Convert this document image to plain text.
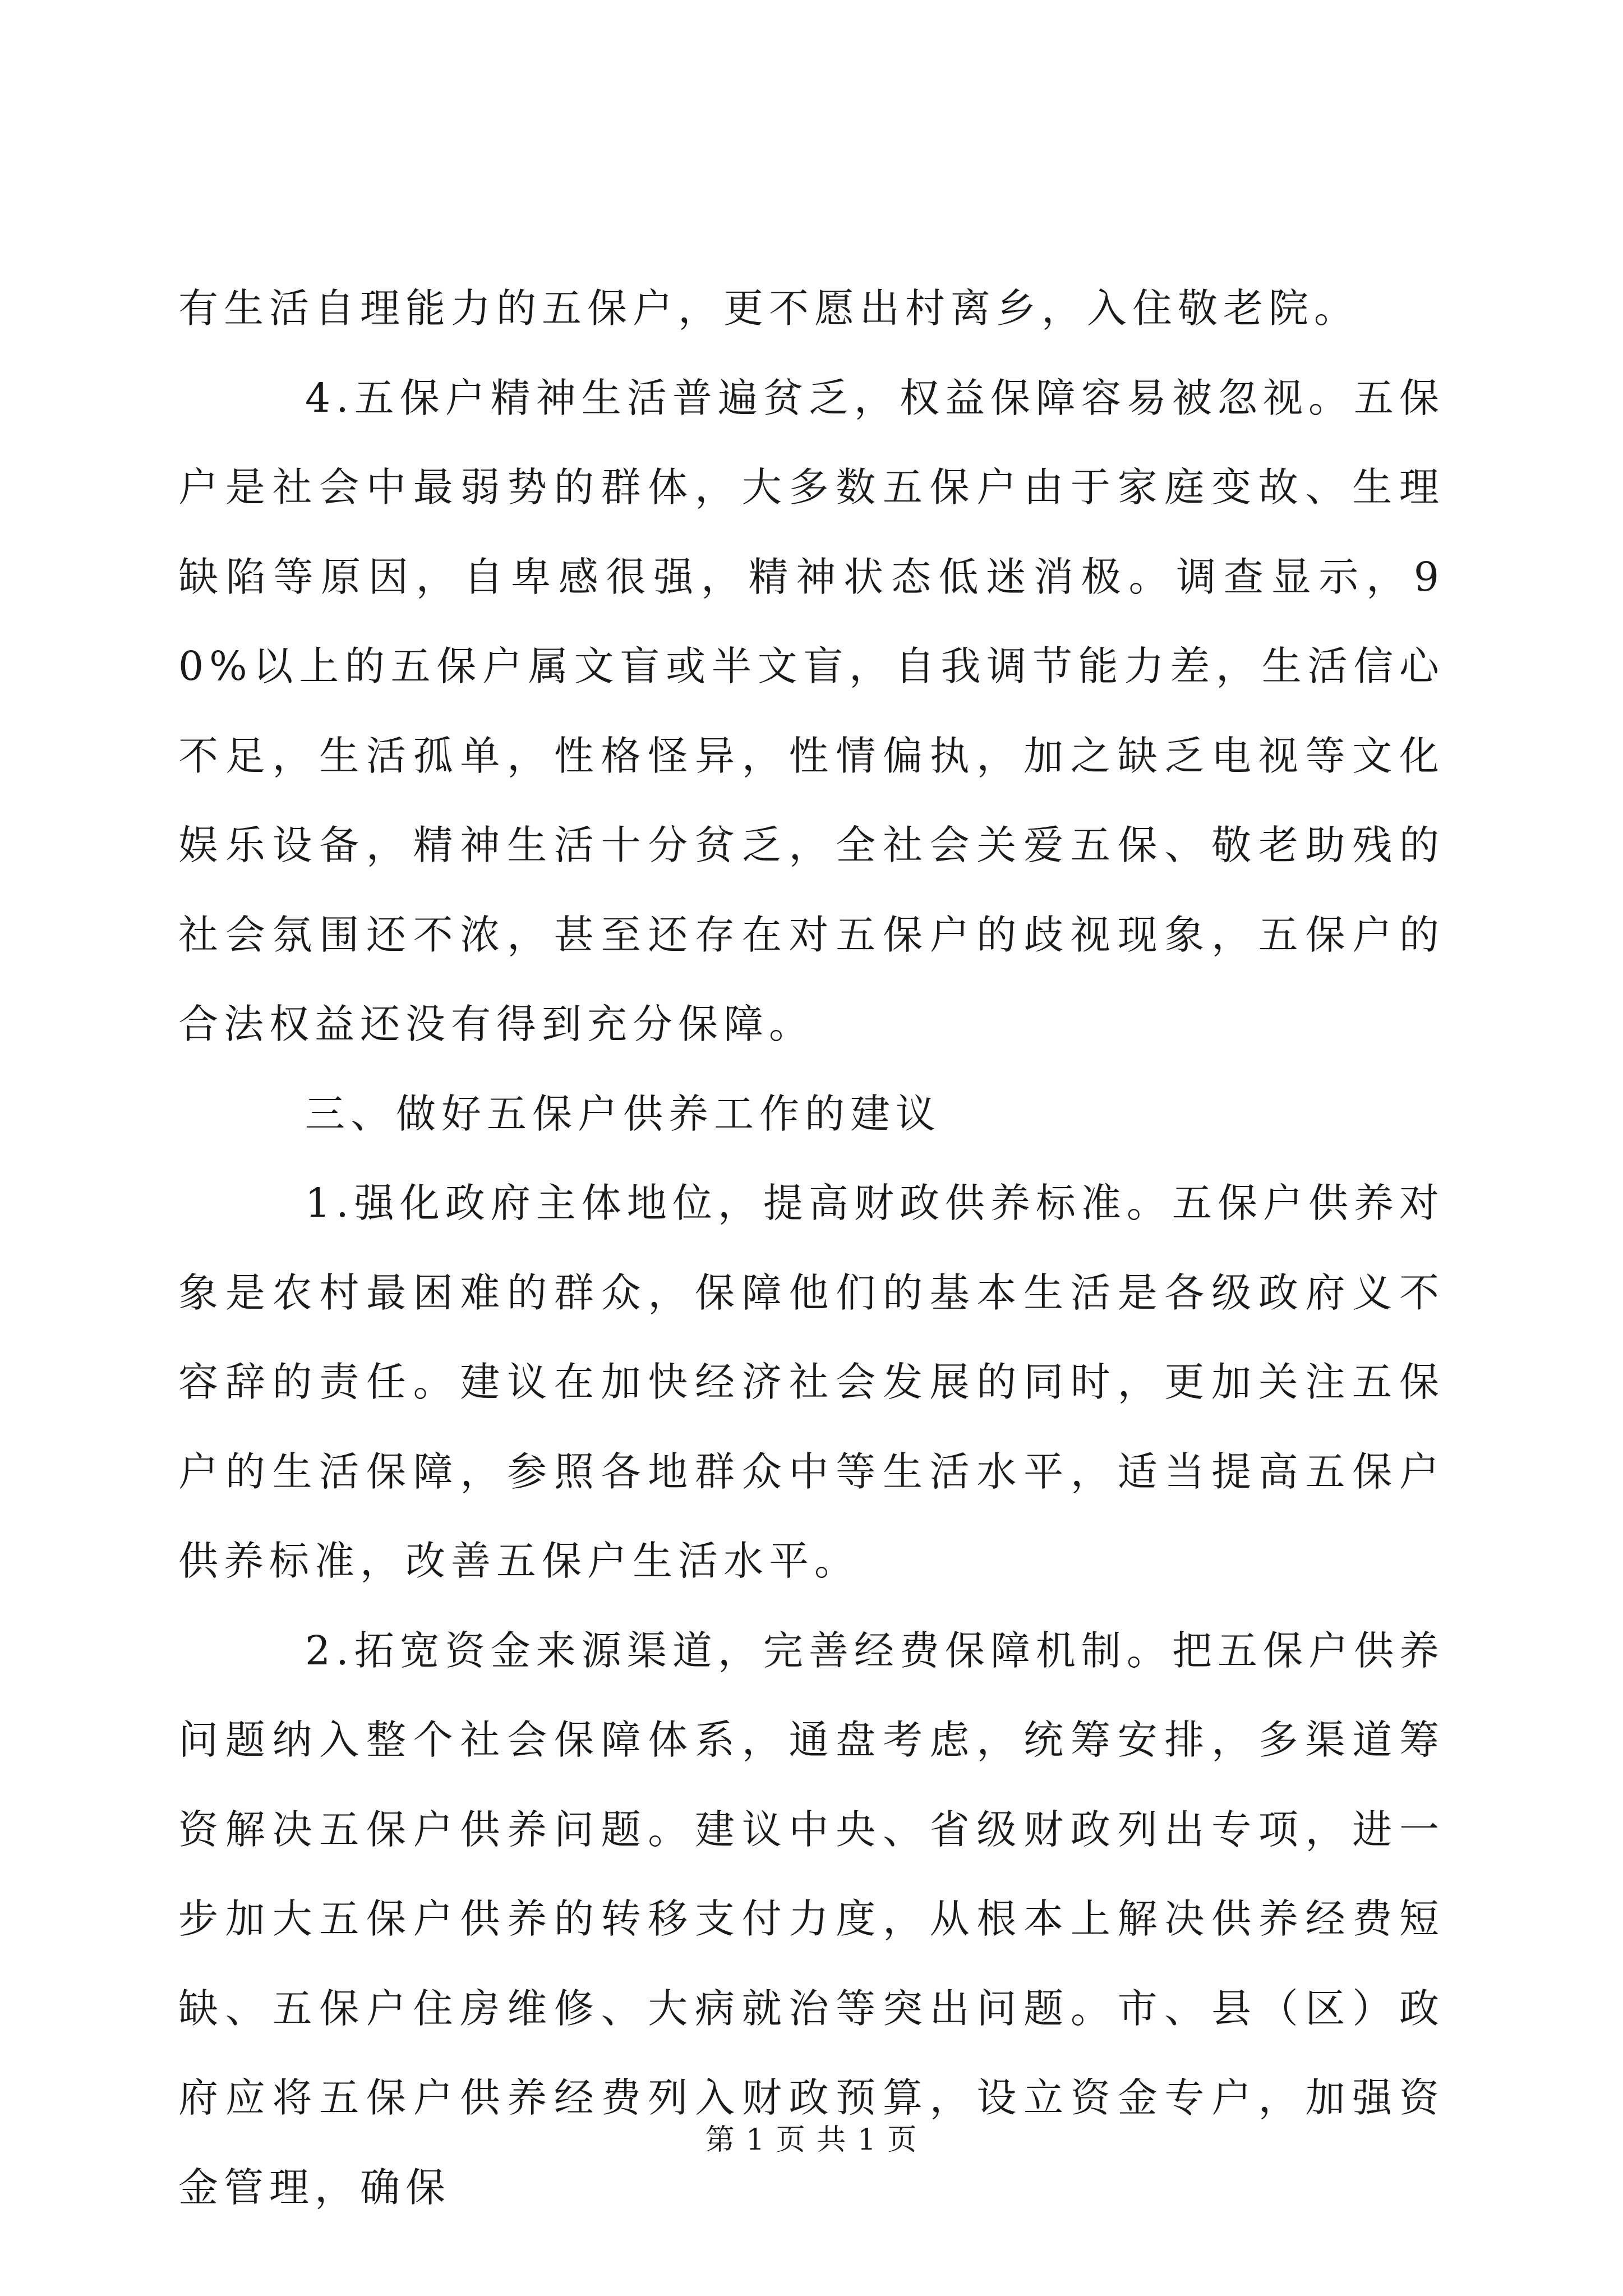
有生活自理能力的五保户，更不愿出村离乡，入住敬老院。

4.五保户精神生活普遍贫乏，权益保障容易被忽视。五保户是社会中最弱势的群体，大多数五保户由于家庭变故、生理缺陷等原因，自卑感很强，精神状态低迷消极。调查显示，90%以上的五保户属文盲或半文盲，自我调节能力差，生活信心不足，生活孤单，性格怪异，性情偏执，加之缺乏电视等文化娱乐设备，精神生活十分贫乏，全社会关爱五保、敬老助残的社会氛围还不浓，甚至还存在对五保户的歧视现象，五保户的合法权益还没有得到充分保障。

三、做好五保户供养工作的建议

1.强化政府主体地位，提高财政供养标准。五保户供养对象是农村最困难的群众，保障他们的基本生活是各级政府义不容辞的责任。建议在加快经济社会发展的同时，更加关注五保户的生活保障，参照各地群众中等生活水平，适当提高五保户供养标准，改善五保户生活水平。

2.拓宽资金来源渠道，完善经费保障机制。把五保户供养问题纳入整个社会保障体系，通盘考虑，统筹安排，多渠道筹资解决五保户供养问题。建议中央、省级财政列出专项，进一步加大五保户供养的转移支付力度，从根本上解决供养经费短缺、五保户住房维修、大病就治等突出问题。市、县（区）政府应将五保户供养经费列入财政预算，设立资金专户，加强资金管理，确保

第 1 页 共 1 页
